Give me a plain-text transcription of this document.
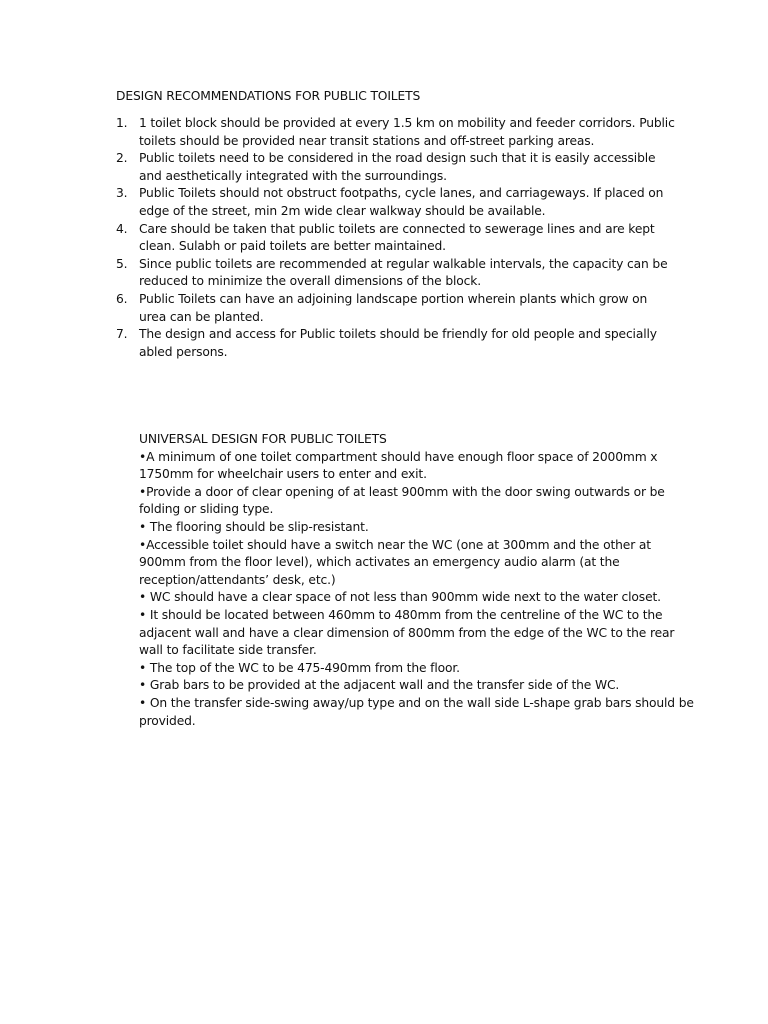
DESIGN RECOMMENDATIONS FOR PUBLIC TOILETS
1. 1 toilet block should be provided at every 1.5 km on mobility and feeder corridors. Public toilets should be provided near transit stations and off-street parking areas.
2. Public toilets need to be considered in the road design such that it is easily accessible and aesthetically integrated with the surroundings.
3. Public Toilets should not obstruct footpaths, cycle lanes, and carriageways. If placed on edge of the street, min 2m wide clear walkway should be available.
4. Care should be taken that public toilets are connected to sewerage lines and are kept clean. Sulabh or paid toilets are better maintained.
5. Since public toilets are recommended at regular walkable intervals, the capacity can be reduced to minimize the overall dimensions of the block.
6. Public Toilets can have an adjoining landscape portion wherein plants which grow on urea can be planted.
7. The design and access for Public toilets should be friendly for old people and specially abled persons.
UNIVERSAL DESIGN FOR PUBLIC TOILETS

•A minimum of one toilet compartment should have enough floor space of 2000mm x 1750mm for wheelchair users to enter and exit.

•Provide a door of clear opening of at least 900mm with the door swing outwards or be folding or sliding type.

• The flooring should be slip-resistant.

•Accessible toilet should have a switch near the WC (one at 300mm and the other at 900mm from the floor level), which activates an emergency audio alarm (at the reception/attendants’ desk, etc.)

• WC should have a clear space of not less than 900mm wide next to the water closet.

• It should be located between 460mm to 480mm from the centreline of the WC to the adjacent wall and have a clear dimension of 800mm from the edge of the WC to the rear wall to facilitate side transfer.

• The top of the WC to be 475-490mm from the floor.

• Grab bars to be provided at the adjacent wall and the transfer side of the WC.

• On the transfer side-swing away/up type and on the wall side L-shape grab bars should be provided.
